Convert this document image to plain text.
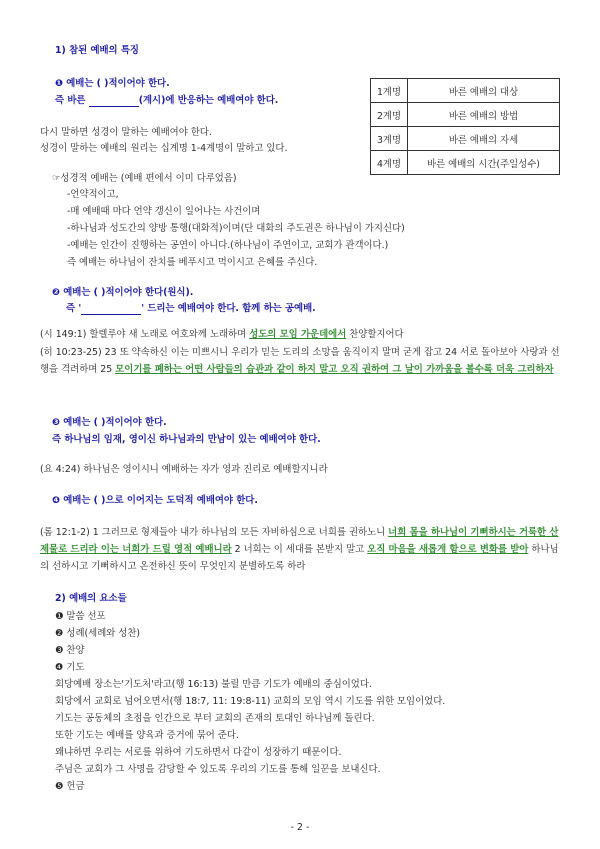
1) 참된 예배의 특징
❶ 예배는 ( )적이어야 한다.
즉 바른	(계시)에 반응하는 예배여야 한다.
1계명	바른 예배의 대상
2계명	바른 예배의 방법
3계명	바른 예배의 자세
4계명	바른 예배의 시간(주일성수)
다시 말하면 성경이 말하는 예배여야 한다.
성경이 말하는 예배의 원리는 십계명 1-4계명이 말하고 있다.
☞성경적 예배는 (예배 편에서 이미 다루었음)
-언약적이고,
-매 예배때 마다 언약 갱신이 일어나는 사건이며
-하나님과 성도간의 양방 통행(대화적)이며(단 대화의 주도권은 하나님이 가지신다)
-예배는 인간이 진행하는 공연이 아니다.(하나님이 주연이고, 교회가 관객이다.)
즉 예배는 하나님이 잔치를 베푸시고 먹이시고 은혜를 주신다.
❷ 예배는 ( )적이어야 한다(원식).
즉 '	' 드리는 예배여야 한다. 함께 하는 공예배.
(시 149:1) 할렐루야 새 노래로 여호와께 노래하며 성도의 모임 가운데에서 찬양할지어다
(히 10:23-25) 23 또 약속하신 이는 미쁘시니 우리가 믿는 도리의 소망을 움직이지 말며 굳게 잡고 24 서로 돌아보아 사랑과 선행을 격려하며 25 모이기를 폐하는 어떤 사람들의 습관과 같이 하지 말고 오직 권하여 그 날이 가까움을 볼수록 더욱 그리하자
❸ 예배는 ( )적이어야 한다.
즉 하나님의 임재, 영이신 하나님과의 만남이 있는 예배여야 한다.
(요 4:24) 하나님은 영이시니 예배하는 자가 영과 진리로 예배할지니라
❹ 예배는 ( )으로 이어지는 도덕적 예배여야 한다.
(롬 12:1-2) 1 그러므로 형제들아 내가 하나님의 모든 자비하심으로 너희를 권하노니 너희 몸을 하나님이 기뻐하시는 거룩한 산 제물로 드리라 이는 너희가 드릴 영적 예배니라 2 너희는 이 세대를 본받지 말고 오직 마음을 새롭게 함으로 변화를 받아 하나님의 선하시고 기뻐하시고 온전하신 뜻이 무엇인지 분별하도록 하라
2) 예배의 요소들
❶ 말씀 선포
❷ 성례(세례와 성찬)
❸ 찬양
❹ 기도
회당예배 장소는'기도처'라고(행 16:13) 불릴 만큼 기도가 예배의 중심이었다.
회당에서 교회로 넘어오면서(행 18:7, 11: 19:8-11) 교회의 모임 역시 기도를 위한 모임이었다.
기도는 공동체의 초점을 인간으로 부터 교회의 존재의 토대인 하나님께 돌린다.
또한 기도는 예배를 양육과 증거에 묶어 준다.
왜냐하면 우리는 서로를 위하여 기도하면서 다같이 성장하기 때문이다.
주님은 교회가 그 사명을 감당할 수 있도록 우리의 기도를 통해 일꾼을 보내신다.
❺ 헌금
- 2 -
